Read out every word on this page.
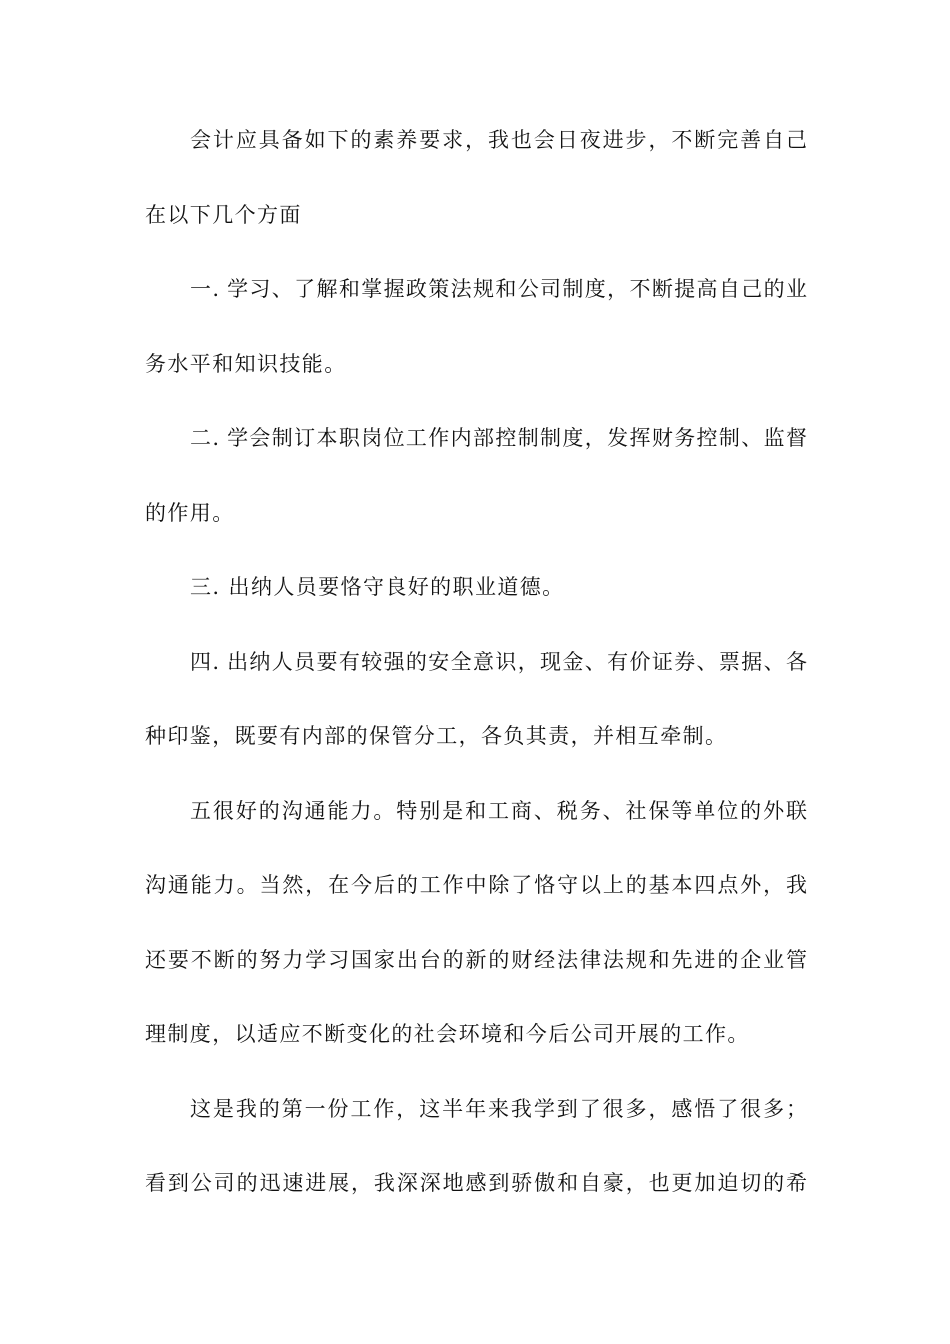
会计应具备如下的素养要求，我也会日夜进步，不断完善自己
在以下几个方面
一. 学习、了解和掌握政策法规和公司制度，不断提高自己的业
务水平和知识技能。
二. 学会制订本职岗位工作内部控制制度，发挥财务控制、监督
的作用。
三. 出纳人员要恪守良好的职业道德。
四. 出纳人员要有较强的安全意识，现金、有价证券、票据、各
种印鉴，既要有内部的保管分工，各负其责，并相互牵制。
五很好的沟通能力。特别是和工商、税务、社保等单位的外联
沟通能力。当然，在今后的工作中除了恪守以上的基本四点外，我
还要不断的努力学习国家出台的新的财经法律法规和先进的企业管
理制度，以适应不断变化的社会环境和今后公司开展的工作。
这是我的第一份工作，这半年来我学到了很多，感悟了很多；
看到公司的迅速进展，我深深地感到骄傲和自豪，也更加迫切的希
